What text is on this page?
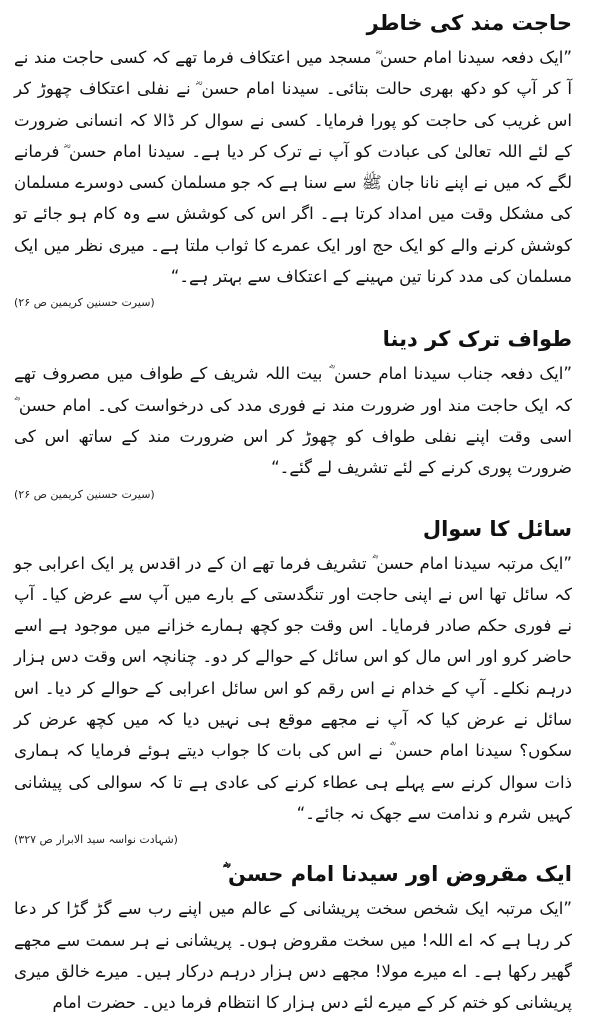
حاجت مند کی خاطر

”ایک دفعہ سیدنا امام حسن ؓ مسجد میں اعتکاف فرما تھے کہ کسی حاجت مند نے آ کر آپ کو دکھ بھری حالت بتائی۔ سیدنا امام حسن ؓ نے نفلی اعتکاف چھوڑ کر اس غریب کی حاجت کو پورا فرمایا۔ کسی نے سوال کر ڈالا کہ انسانی ضرورت کے لئے اللہ تعالیٰ کی عبادت کو آپ نے ترک کر دیا ہے۔ سیدنا امام حسن ؓ فرمانے لگے کہ میں نے اپنے نانا جان ﷺ سے سنا ہے کہ جو مسلمان کسی دوسرے مسلمان کی مشکل وقت میں امداد کرتا ہے۔ اگر اس کی کوشش سے وہ کام ہو جائے تو کوشش کرنے والے کو ایک حج اور ایک عمرے کا ثواب ملتا ہے۔ میری نظر میں ایک مسلمان کی مدد کرنا تین مہینے کے اعتکاف سے بہتر ہے۔“

(سیرت حسنین کریمین ص ۲۶)
طواف ترک کر دینا

”ایک دفعہ جناب سیدنا امام حسن ؓ بیت اللہ شریف کے طواف میں مصروف تھے کہ ایک حاجت مند اور ضرورت مند نے فوری مدد کی درخواست کی۔ امام حسن ؓ اسی وقت اپنے نفلی طواف کو چھوڑ کر اس ضرورت مند کے ساتھ اس کی ضرورت پوری کرنے کے لئے تشریف لے گئے۔“

(سیرت حسنین کریمین ص ۲۶)
سائل کا سوال

”ایک مرتبہ سیدنا امام حسن ؓ تشریف فرما تھے ان کے در اقدس پر ایک اعرابی جو کہ سائل تھا اس نے اپنی حاجت اور تنگدستی کے بارے میں آپ سے عرض کیا۔ آپ نے فوری حکم صادر فرمایا۔ اس وقت جو کچھ ہمارے خزانے میں موجود ہے اسے حاضر کرو اور اس مال کو اس سائل کے حوالے کر دو۔ چنانچہ اس وقت دس ہزار درہم نکلے۔ آپ کے خدام نے اس رقم کو اس سائل اعرابی کے حوالے کر دیا۔ اس سائل نے عرض کیا کہ آپ نے مجھے موقع ہی نہیں دیا کہ میں کچھ عرض کر سکوں؟ سیدنا امام حسن ؓ نے اس کی بات کا جواب دیتے ہوئے فرمایا کہ ہماری ذات سوال کرنے سے پہلے ہی عطاء کرنے کی عادی ہے تا کہ سوالی کی پیشانی کہیں شرم و ندامت سے جھک نہ جائے۔“

(شہادت نواسہ سید الابرار ص ۳۲۷)
ایک مقروض اور سیدنا امام حسن ؓ

”ایک مرتبہ ایک شخص سخت پریشانی کے عالم میں اپنے رب سے گڑ گڑا کر دعا کر رہا ہے کہ اے اللہ! میں سخت مقروض ہوں۔ پریشانی نے ہر سمت سے مجھے گھیر رکھا ہے۔ اے میرے مولا! مجھے دس ہزار درہم درکار ہیں۔ میرے خالق میری پریشانی کو ختم کر کے میرے لئے دس ہزار کا انتظام فرما دیں۔ حضرت امام
